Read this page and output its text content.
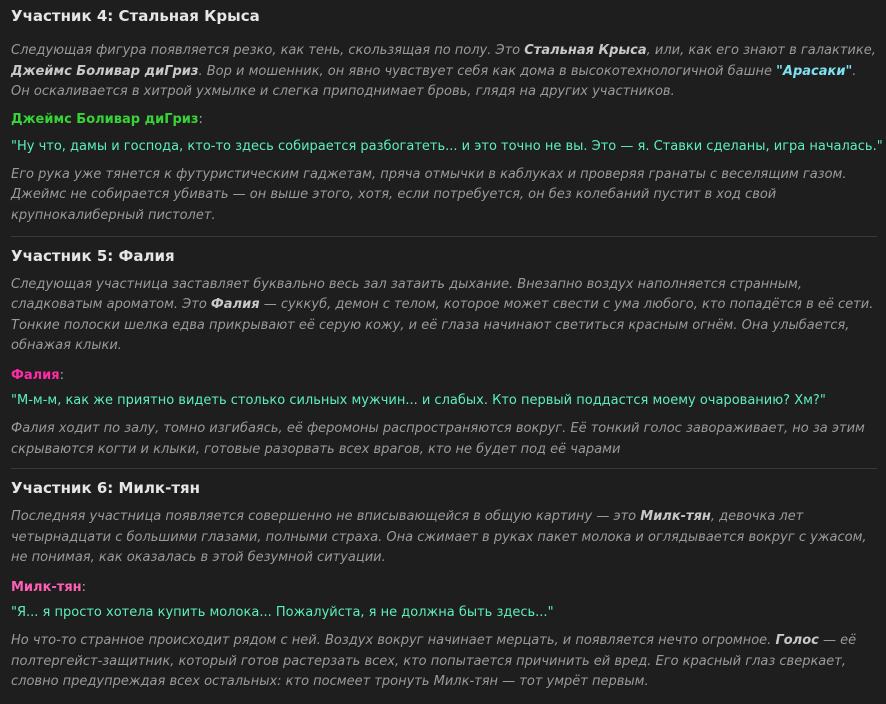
Участник 4: Стальная Крыса

Следующая фигура появляется резко, как тень, скользящая по полу. Это Стальная Крыса, или, как его знают в галактике, Джеймс Боливар диГриз. Вор и мошенник, он явно чувствует себя как дома в высокотехнологичной башне "Арасаки". Он оскаливается в хитрой ухмылке и слегка приподнимает бровь, глядя на других участников.

Джеймс Боливар диГриз:

"Ну что, дамы и господа, кто-то здесь собирается разбогатеть... и это точно не вы. Это — я. Ставки сделаны, игра началась."

Его рука уже тянется к футуристическим гаджетам, пряча отмычки в каблуках и проверяя гранаты с веселящим газом. Джеймс не собирается убивать — он выше этого, хотя, если потребуется, он без колебаний пустит в ход свой крупнокалиберный пистолет.

Участник 5: Фалия

Следующая участница заставляет буквально весь зал затаить дыхание. Внезапно воздух наполняется странным, сладковатым ароматом. Это Фалия — суккуб, демон с телом, которое может свести с ума любого, кто попадётся в её сети. Тонкие полоски шелка едва прикрывают её серую кожу, и её глаза начинают светиться красным огнём. Она улыбается, обнажая клыки.

Фалия:

"М-м-м, как же приятно видеть столько сильных мужчин... и слабых. Кто первый поддастся моему очарованию? Хм?"

Фалия ходит по залу, томно изгибаясь, её феромоны распространяются вокруг. Её тонкий голос завораживает, но за этим скрываются когти и клыки, готовые разорвать всех врагов, кто не будет под её чарами

Участник 6: Милк-тян

Последняя участница появляется совершенно не вписывающейся в общую картину — это Милк-тян, девочка лет четырнадцати с большими глазами, полными страха. Она сжимает в руках пакет молока и оглядывается вокруг с ужасом, не понимая, как оказалась в этой безумной ситуации.

Милк-тян:

"Я... я просто хотела купить молока... Пожалуйста, я не должна быть здесь..."

Но что-то странное происходит рядом с ней. Воздух вокруг начинает мерцать, и появляется нечто огромное. Голос — её полтергейст-защитник, который готов растерзать всех, кто попытается причинить ей вред. Его красный глаз сверкает, словно предупреждая всех остальных: кто посмеет тронуть Милк-тян — тот умрёт первым.
